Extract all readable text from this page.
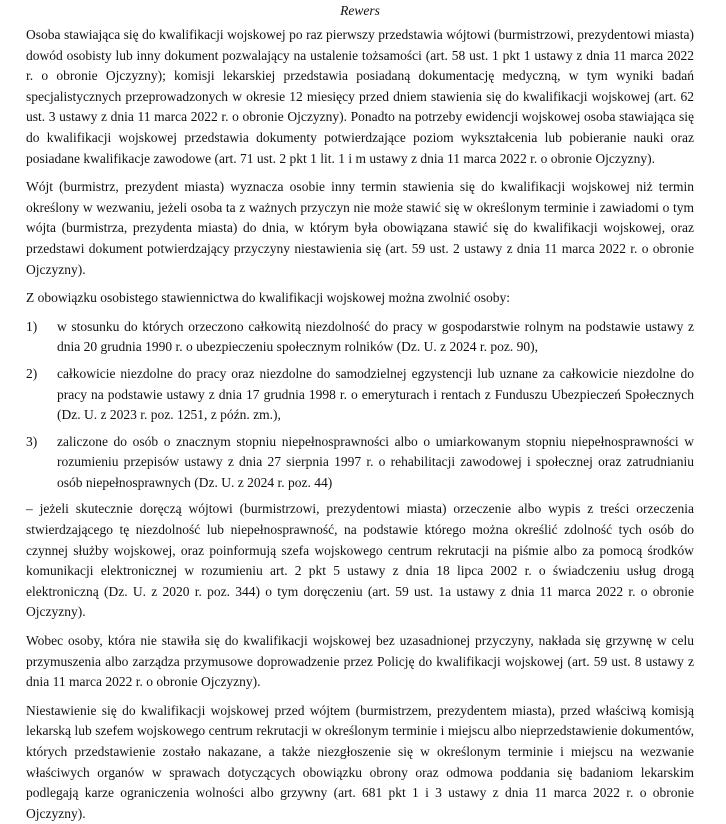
Rewers

Osoba stawiająca się do kwalifikacji wojskowej po raz pierwszy przedstawia wójtowi (burmistrzowi, prezydentowi miasta) dowód osobisty lub inny dokument pozwalający na ustalenie tożsamości (art. 58 ust. 1 pkt 1 ustawy z dnia 11 marca 2022 r. o obronie Ojczyzny); komisji lekarskiej przedstawia posiadaną dokumentację medyczną, w tym wyniki badań specjalistycznych przeprowadzonych w okresie 12 miesięcy przed dniem stawienia się do kwalifikacji wojskowej (art. 62 ust. 3 ustawy z dnia 11 marca 2022 r. o obronie Ojczyzny). Ponadto na potrzeby ewidencji wojskowej osoba stawiająca się do kwalifikacji wojskowej przedstawia dokumenty potwierdzające poziom wykształcenia lub pobieranie nauki oraz posiadane kwalifikacje zawodowe (art. 71 ust. 2 pkt 1 lit. 1 i m ustawy z dnia 11 marca 2022 r. o obronie Ojczyzny).

Wójt (burmistrz, prezydent miasta) wyznacza osobie inny termin stawienia się do kwalifikacji wojskowej niż termin określony w wezwaniu, jeżeli osoba ta z ważnych przyczyn nie może stawić się w określonym terminie i zawiadomi o tym wójta (burmistrza, prezydenta miasta) do dnia, w którym była obowiązana stawić się do kwalifikacji wojskowej, oraz przedstawi dokument potwierdzający przyczyny niestawienia się (art. 59 ust. 2 ustawy z dnia 11 marca 2022 r. o obronie Ojczyzny).

Z obowiązku osobistego stawiennictwa do kwalifikacji wojskowej można zwolnić osoby:

1) w stosunku do których orzeczono całkowitą niezdolność do pracy w gospodarstwie rolnym na podstawie ustawy z dnia 20 grudnia 1990 r. o ubezpieczeniu społecznym rolników (Dz. U. z 2024 r. poz. 90),
2) całkowicie niezdolne do pracy oraz niezdolne do samodzielnej egzystencji lub uznane za całkowicie niezdolne do pracy na podstawie ustawy z dnia 17 grudnia 1998 r. o emeryturach i rentach z Funduszu Ubezpieczeń Społecznych (Dz. U. z 2023 r. poz. 1251, z późn. zm.),
3) zaliczone do osób o znacznym stopniu niepełnosprawności albo o umiarkowanym stopniu niepełnosprawności w rozumieniu przepisów ustawy z dnia 27 sierpnia 1997 r. o rehabilitacji zawodowej i społecznej oraz zatrudnianiu osób niepełnosprawnych (Dz. U. z 2024 r. poz. 44)

– jeżeli skutecznie doręczą wójtowi (burmistrzowi, prezydentowi miasta) orzeczenie albo wypis z treści orzeczenia stwierdzającego tę niezdolność lub niepełnosprawność, na podstawie którego można określić zdolność tych osób do czynnej służby wojskowej, oraz poinformują szefa wojskowego centrum rekrutacji na piśmie albo za pomocą środków komunikacji elektronicznej w rozumieniu art. 2 pkt 5 ustawy z dnia 18 lipca 2002 r. o świadczeniu usług drogą elektroniczną (Dz. U. z 2020 r. poz. 344) o tym doręczeniu (art. 59 ust. 1a ustawy z dnia 11 marca 2022 r. o obronie Ojczyzny).

Wobec osoby, która nie stawiła się do kwalifikacji wojskowej bez uzasadnionej przyczyny, nakłada się grzywnę w celu przymuszenia albo zarządza przymusowe doprowadzenie przez Policję do kwalifikacji wojskowej (art. 59 ust. 8 ustawy z dnia 11 marca 2022 r. o obronie Ojczyzny).

Niestawienie się do kwalifikacji wojskowej przed wójtem (burmistrzem, prezydentem miasta), przed właściwą komisją lekarską lub szefem wojskowego centrum rekrutacji w określonym terminie i miejscu albo nieprzedstawienie dokumentów, których przedstawienie zostało nakazane, a także niezgłoszenie się w określonym terminie i miejscu na wezwanie właściwych organów w sprawach dotyczących obowiązku obrony oraz odmowa poddania się badaniom lekarskim podlegają karze ograniczenia wolności albo grzywny (art. 681 pkt 1 i 3 ustawy z dnia 11 marca 2022 r. o obronie Ojczyzny).
